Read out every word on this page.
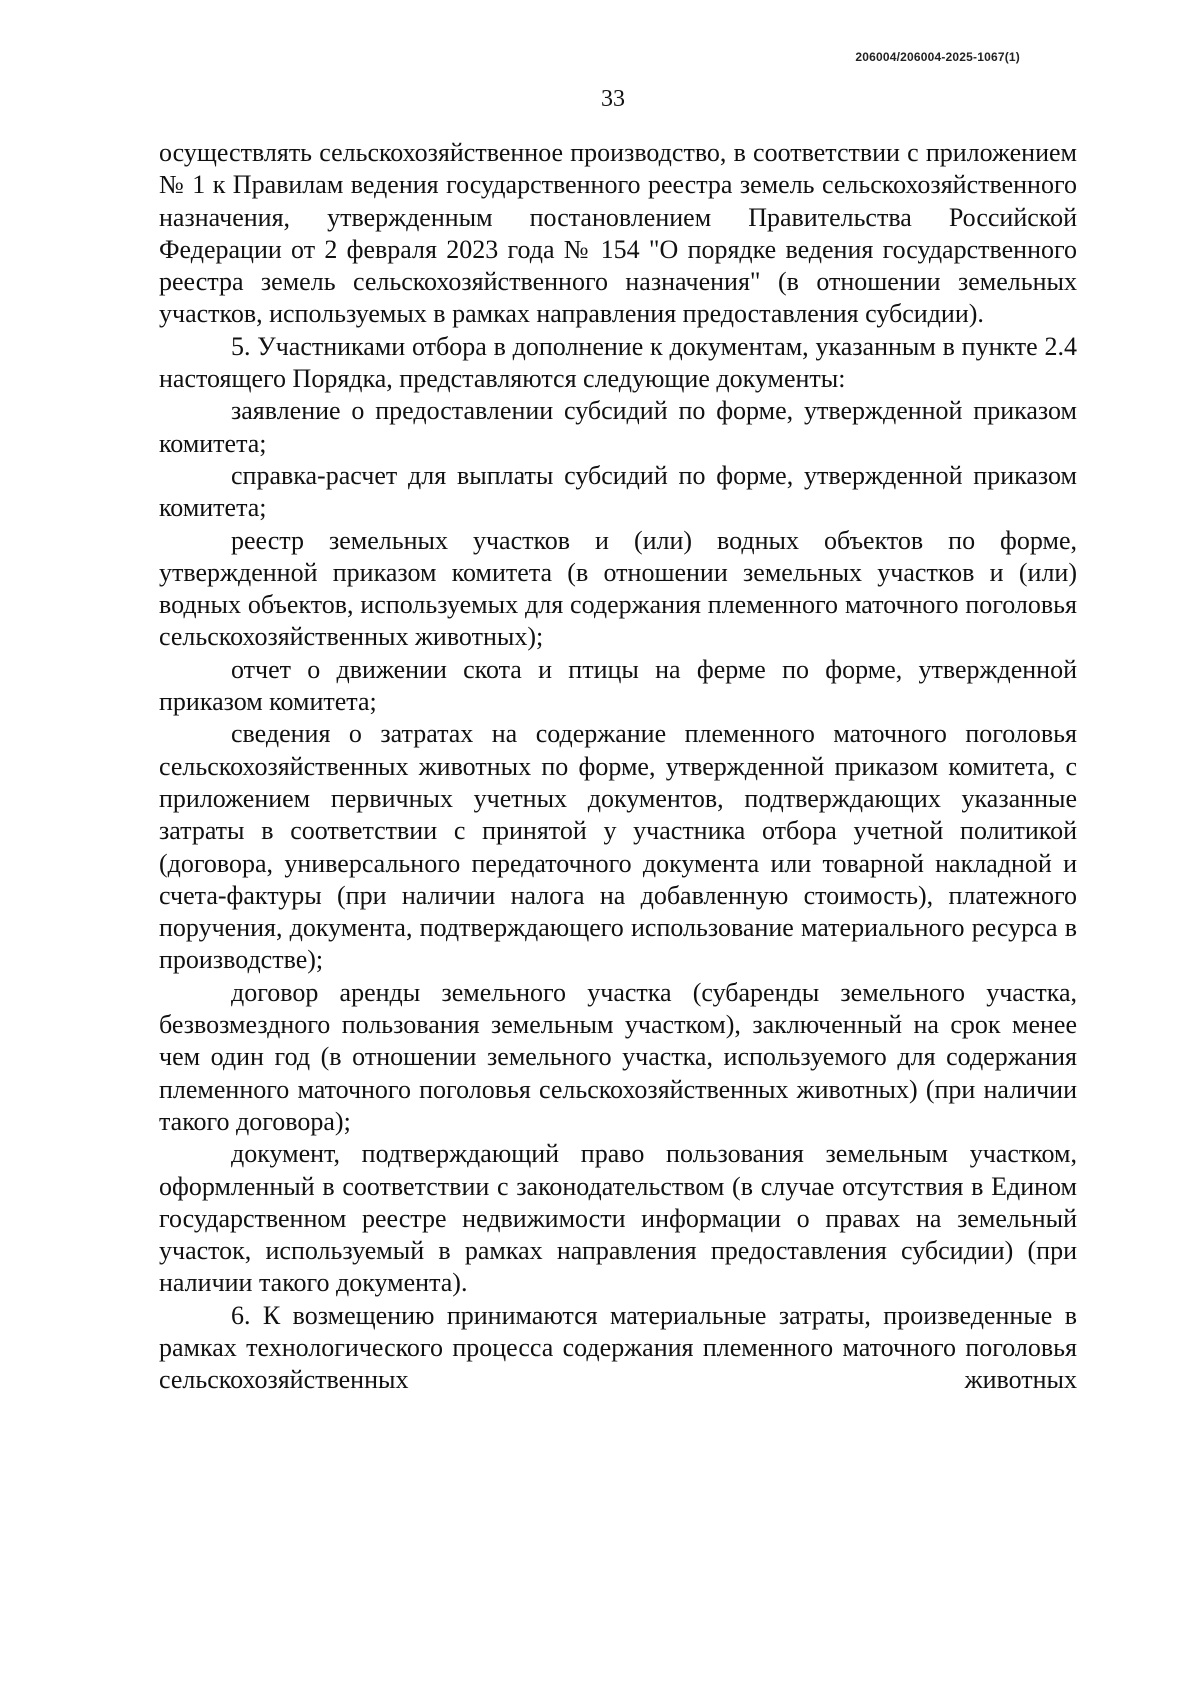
206004/206004-2025-1067(1)
33

осуществлять сельскохозяйственное производство, в соответствии с приложением № 1 к Правилам ведения государственного реестра земель сельскохозяйственного назначения, утвержденным постановлением Правительства Российской Федерации от 2 февраля 2023 года № 154 "О порядке ведения государственного реестра земель сельскохозяйственного назначения" (в отношении земельных участков, используемых в рамках направления предоставления субсидии).

5. Участниками отбора в дополнение к документам, указанным в пункте 2.4 настоящего Порядка, представляются следующие документы:

заявление о предоставлении субсидий по форме, утвержденной приказом комитета;

справка-расчет для выплаты субсидий по форме, утвержденной приказом комитета;

реестр земельных участков и (или) водных объектов по форме, утвержденной приказом комитета (в отношении земельных участков и (или) водных объектов, используемых для содержания племенного маточного поголовья сельскохозяйственных животных);

отчет о движении скота и птицы на ферме по форме, утвержденной приказом комитета;

сведения о затратах на содержание племенного маточного поголовья сельскохозяйственных животных по форме, утвержденной приказом комитета, с приложением первичных учетных документов, подтверждающих указанные затраты в соответствии с принятой у участника отбора учетной политикой (договора, универсального передаточного документа или товарной накладной и счета-фактуры (при наличии налога на добавленную стоимость), платежного поручения, документа, подтверждающего использование материального ресурса в производстве);

договор аренды земельного участка (субаренды земельного участка, безвозмездного пользования земельным участком), заключенный на срок менее чем один год (в отношении земельного участка, используемого для содержания племенного маточного поголовья сельскохозяйственных животных) (при наличии такого договора);

документ, подтверждающий право пользования земельным участком, оформленный в соответствии с законодательством (в случае отсутствия в Едином государственном реестре недвижимости информации о правах на земельный участок, используемый в рамках направления предоставления субсидии) (при наличии такого документа).

6. К возмещению принимаются материальные затраты, произведенные в рамках технологического процесса содержания племенного маточного поголовья сельскохозяйственных животных
